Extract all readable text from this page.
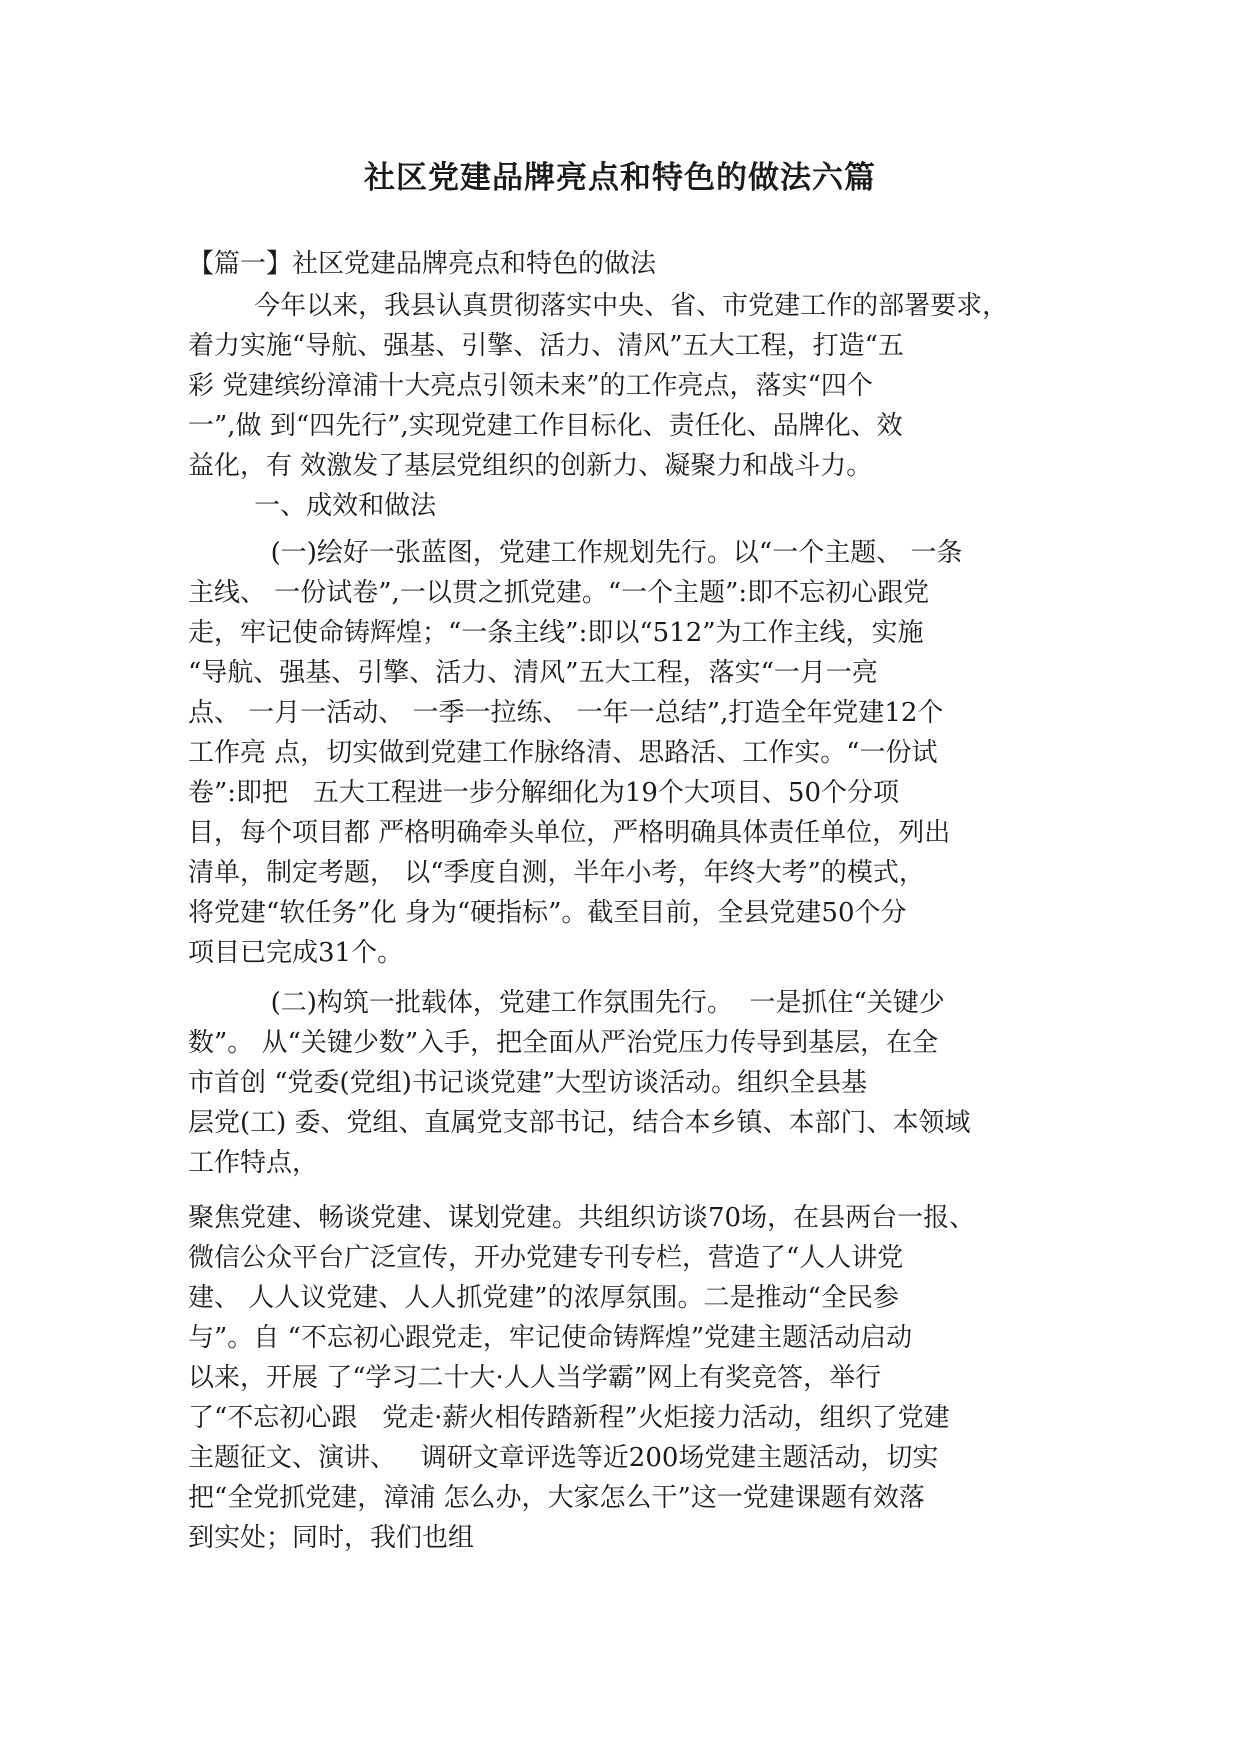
社区党建品牌亮点和特色的做法六篇

【篇一】社区党建品牌亮点和特色的做法

今年以来，我县认真贯彻落实中央、省、市党建工作的部署要求，

着力实施“导航、强基、引擎、活力、清风”五大工程，打造“五

彩 党建缤纷漳浦十大亮点引领未来”的工作亮点，落实“四个

一”,做 到“四先行”,实现党建工作目标化、责任化、品牌化、效

益化，有 效激发了基层党组织的创新力、凝聚力和战斗力。

一、成效和做法

(一)绘好一张蓝图，党建工作规划先行。以“一个主题、 一条

主线、 一份试卷”,一以贯之抓党建。“一个主题”:即不忘初心跟党

走，牢记使命铸辉煌；“一条主线”:即以“512”为工作主线，实施

“导航、强基、引擎、活力、清风”五大工程，落实“一月一亮

点、 一月一活动、 一季一拉练、 一年一总结”,打造全年党建12个

工作亮 点，切实做到党建工作脉络清、思路活、工作实。“一份试

卷”:即把   五大工程进一步分解细化为19个大项目、50个分项

目，每个项目都 严格明确牵头单位，严格明确具体责任单位，列出

清单，制定考题， 以“季度自测，半年小考，年终大考”的模式，

将党建“软任务”化 身为“硬指标”。截至目前，全县党建50个分

项目已完成31个。

(二)构筑一批载体，党建工作氛围先行。  一是抓住“关键少

数”。 从“关键少数”入手，把全面从严治党压力传导到基层，在全

市首创 “党委(党组)书记谈党建”大型访谈活动。组织全县基

层党(工) 委、党组、直属党支部书记，结合本乡镇、本部门、本领域

工作特点，

聚焦党建、畅谈党建、谋划党建。共组织访谈70场，在县两台一报、

微信公众平台广泛宣传，开办党建专刊专栏，营造了“人人讲党

建、 人人议党建、人人抓党建”的浓厚氛围。二是推动“全民参

与”。自 “不忘初心跟党走，牢记使命铸辉煌”党建主题活动启动

以来，开展 了“学习二十大·人人当学霸”网上有奖竞答，举行

了“不忘初心跟   党走·薪火相传踏新程”火炬接力活动，组织了党建

主题征文、演讲、   调研文章评选等近200场党建主题活动，切实

把“全党抓党建，漳浦 怎么办，大家怎么干”这一党建课题有效落

到实处；同时，我们也组
